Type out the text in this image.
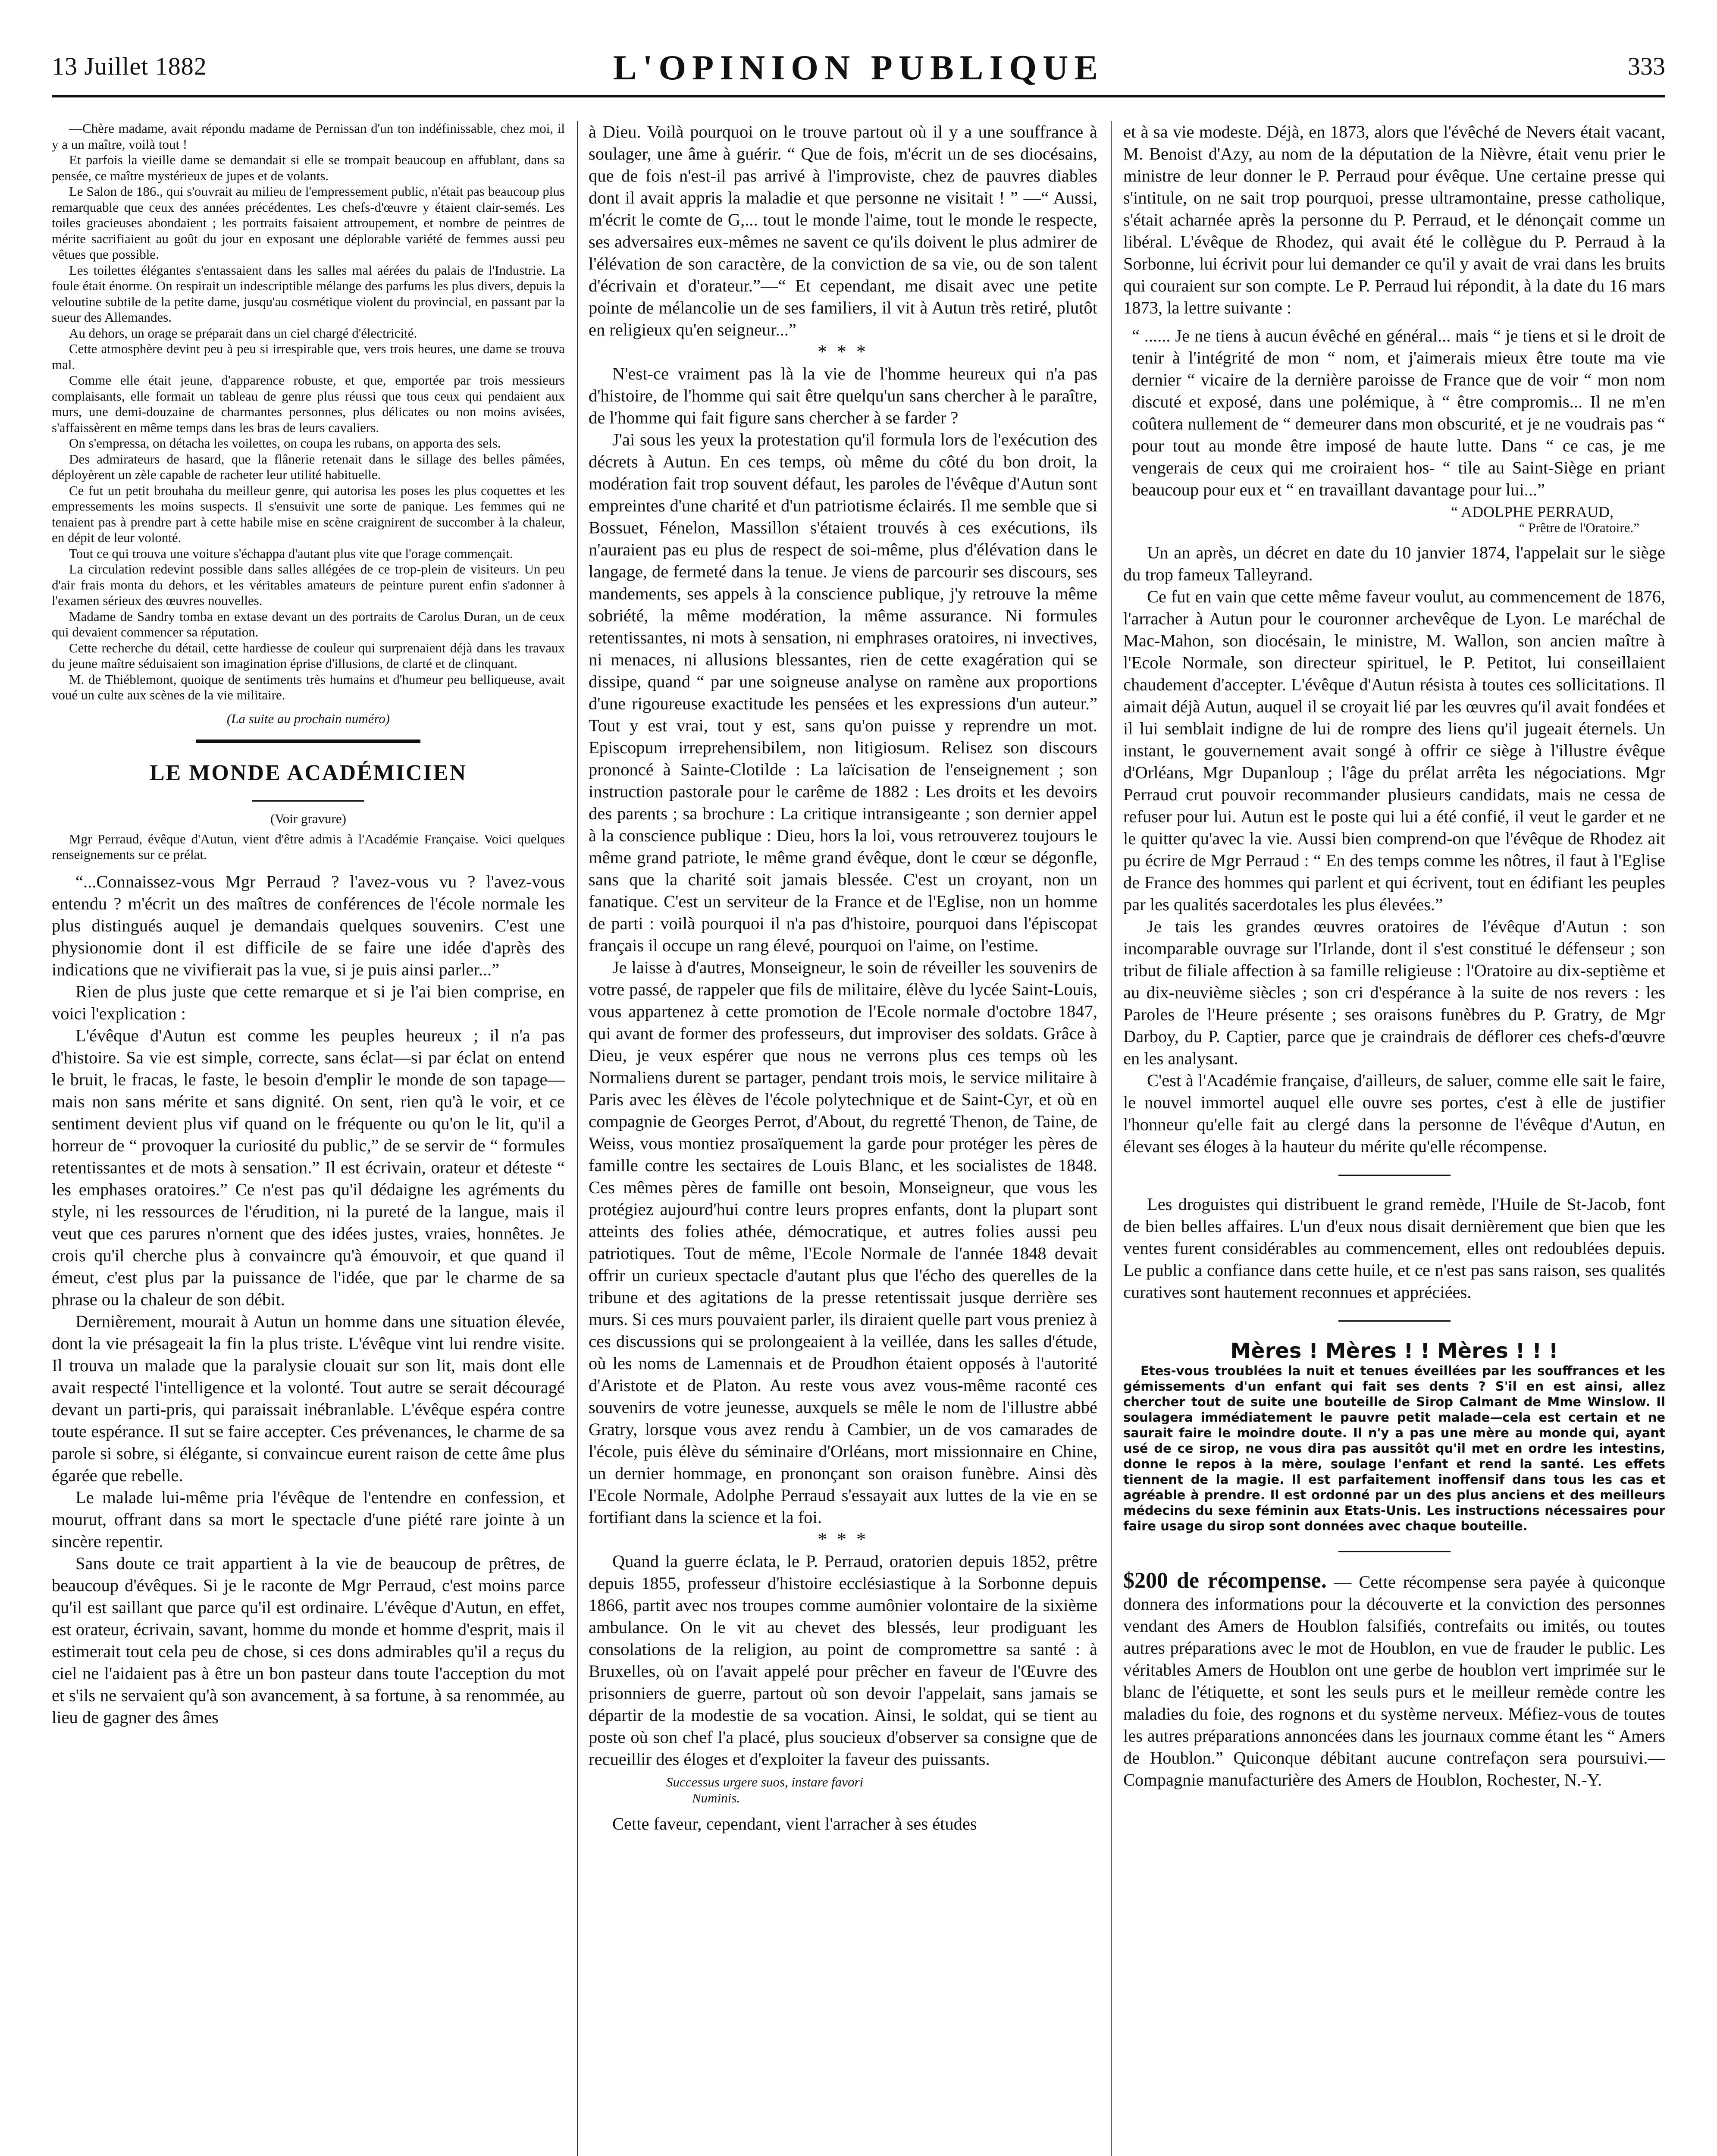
13 Juillet 1882	L'OPINION PUBLIQUE	333

—Chère madame, avait répondu madame de Pernissan d'un ton indéfinissable, chez moi, il y a un maître, voilà tout !

Et parfois la vieille dame se demandait si elle se trompait beaucoup en affublant, dans sa pensée, ce maître mystérieux de jupes et de volants.

Le Salon de 186., qui s'ouvrait au milieu de l'empressement public, n'était pas beaucoup plus remarquable que ceux des années précédentes. Les chefs-d'œuvre y étaient clair-semés. Les toiles gracieuses abondaient ; les portraits faisaient attroupement, et nombre de peintres de mérite sacrifiaient au goût du jour en exposant une déplorable variété de femmes aussi peu vêtues que possible.

Les toilettes élégantes s'entassaient dans les salles mal aérées du palais de l'Industrie. La foule était énorme. On respirait un indescriptible mélange des parfums les plus divers, depuis la veloutine subtile de la petite dame, jusqu'au cosmétique violent du provincial, en passant par la sueur des Allemandes.

Au dehors, un orage se préparait dans un ciel chargé d'électricité.

Cette atmosphère devint peu à peu si irrespirable que, vers trois heures, une dame se trouva mal.

Comme elle était jeune, d'apparence robuste, et que, emportée par trois messieurs complaisants, elle formait un tableau de genre plus réussi que tous ceux qui pendaient aux murs, une demi-douzaine de charmantes personnes, plus délicates ou non moins avisées, s'affaissèrent en même temps dans les bras de leurs cavaliers.

On s'empressa, on détacha les voilettes, on coupa les rubans, on apporta des sels.

Des admirateurs de hasard, que la flânerie retenait dans le sillage des belles pâmées, déployèrent un zèle capable de racheter leur utilité habituelle.

Ce fut un petit brouhaha du meilleur genre, qui autorisa les poses les plus coquettes et les empressements les moins suspects. Il s'ensuivit une sorte de panique. Les femmes qui ne tenaient pas à prendre part à cette habile mise en scène craignirent de succomber à la chaleur, en dépit de leur volonté.

Tout ce qui trouva une voiture s'échappa d'autant plus vite que l'orage commençait.

La circulation redevint possible dans salles allégées de ce trop-plein de visiteurs. Un peu d'air frais monta du dehors, et les véritables amateurs de peinture purent enfin s'adonner à l'examen sérieux des œuvres nouvelles.

Madame de Sandry tomba en extase devant un des portraits de Carolus Duran, un de ceux qui devaient commencer sa réputation.

Cette recherche du détail, cette hardiesse de couleur qui surprenaient déjà dans les travaux du jeune maître séduisaient son imagination éprise d'illusions, de clarté et de clinquant.

M. de Thiéblemont, quoique de sentiments très humains et d'humeur peu belliqueuse, avait voué un culte aux scènes de la vie militaire.

(La suite au prochain numéro)

LE MONDE ACADÉMICIEN

(Voir gravure)

Mgr Perraud, évêque d'Autun, vient d'être admis à l'Académie Française. Voici quelques renseignements sur ce prélat.

“...Connaissez-vous Mgr Perraud ? l'avez-vous vu ? l'avez-vous entendu ? m'écrit un des maîtres de conférences de l'école normale les plus distingués auquel je demandais quelques souvenirs. C'est une physionomie dont il est difficile de se faire une idée d'après des indications que ne vivifierait pas la vue, si je puis ainsi parler...”

Rien de plus juste que cette remarque et si je l'ai bien comprise, en voici l'explication :

L'évêque d'Autun est comme les peuples heureux ; il n'a pas d'histoire. Sa vie est simple, correcte, sans éclat—si par éclat on entend le bruit, le fracas, le faste, le besoin d'emplir le monde de son tapage—mais non sans mérite et sans dignité. On sent, rien qu'à le voir, et ce sentiment devient plus vif quand on le fréquente ou qu'on le lit, qu'il a horreur de “ provoquer la curiosité du public,” de se servir de “ formules retentissantes et de mots à sensation.” Il est écrivain, orateur et déteste “ les emphases oratoires.” Ce n'est pas qu'il dédaigne les agréments du style, ni les ressources de l'érudition, ni la pureté de la langue, mais il veut que ces parures n'ornent que des idées justes, vraies, honnêtes. Je crois qu'il cherche plus à convaincre qu'à émouvoir, et que quand il émeut, c'est plus par la puissance de l'idée, que par le charme de sa phrase ou la chaleur de son débit.

Dernièrement, mourait à Autun un homme dans une situation élevée, dont la vie présageait la fin la plus triste. L'évêque vint lui rendre visite. Il trouva un malade que la paralysie clouait sur son lit, mais dont elle avait respecté l'intelligence et la volonté. Tout autre se serait découragé devant un parti-pris, qui paraissait inébranlable. L'évêque espéra contre toute espérance. Il sut se faire accepter. Ces prévenances, le charme de sa parole si sobre, si élégante, si convaincue eurent raison de cette âme plus égarée que rebelle.

Le malade lui-même pria l'évêque de l'entendre en confession, et mourut, offrant dans sa mort le spectacle d'une piété rare jointe à un sincère repentir.

Sans doute ce trait appartient à la vie de beaucoup de prêtres, de beaucoup d'évêques. Si je le raconte de Mgr Perraud, c'est moins parce qu'il est saillant que parce qu'il est ordinaire. L'évêque d'Autun, en effet, est orateur, écrivain, savant, homme du monde et homme d'esprit, mais il estimerait tout cela peu de chose, si ces dons admirables qu'il a reçus du ciel ne l'aidaient pas à être un bon pasteur dans toute l'acception du mot et s'ils ne servaient qu'à son avancement, à sa fortune, à sa renommée, au lieu de gagner des âmes

à Dieu. Voilà pourquoi on le trouve partout où il y a une souffrance à soulager, une âme à guérir. “ Que de fois, m'écrit un de ses diocésains, que de fois n'est-il pas arrivé à l'improviste, chez de pauvres diables dont il avait appris la maladie et que personne ne visitait ! ” —“ Aussi, m'écrit le comte de G,... tout le monde l'aime, tout le monde le respecte, ses adversaires eux-mêmes ne savent ce qu'ils doivent le plus admirer de l'élévation de son caractère, de la conviction de sa vie, ou de son talent d'écrivain et d'orateur.”—“ Et cependant, me disait avec une petite pointe de mélancolie un de ses familiers, il vit à Autun très retiré, plutôt en religieux qu'en seigneur...”

* * *

N'est-ce vraiment pas là la vie de l'homme heureux qui n'a pas d'histoire, de l'homme qui sait être quelqu'un sans chercher à le paraître, de l'homme qui fait figure sans chercher à se farder ?

J'ai sous les yeux la protestation qu'il formula lors de l'exécution des décrets à Autun. En ces temps, où même du côté du bon droit, la modération fait trop souvent défaut, les paroles de l'évêque d'Autun sont empreintes d'une charité et d'un patriotisme éclairés. Il me semble que si Bossuet, Fénelon, Massillon s'étaient trouvés à ces exécutions, ils n'auraient pas eu plus de respect de soi-même, plus d'élévation dans le langage, de fermeté dans la tenue. Je viens de parcourir ses discours, ses mandements, ses appels à la conscience publique, j'y retrouve la même sobriété, la même modération, la même assurance. Ni formules retentissantes, ni mots à sensation, ni emphrases oratoires, ni invectives, ni menaces, ni allusions blessantes, rien de cette exagération qui se dissipe, quand “ par une soigneuse analyse on ramène aux proportions d'une rigoureuse exactitude les pensées et les expressions d'un auteur.” Tout y est vrai, tout y est, sans qu'on puisse y reprendre un mot. Episcopum irreprehensibilem, non litigiosum. Relisez son discours prononcé à Sainte-Clotilde : La laïcisation de l'enseignement ; son instruction pastorale pour le carême de 1882 : Les droits et les devoirs des parents ; sa brochure : La critique intransigeante ; son dernier appel à la conscience publique : Dieu, hors la loi, vous retrouverez toujours le même grand patriote, le même grand évêque, dont le cœur se dégonfle, sans que la charité soit jamais blessée. C'est un croyant, non un fanatique. C'est un serviteur de la France et de l'Eglise, non un homme de parti : voilà pourquoi il n'a pas d'histoire, pourquoi dans l'épiscopat français il occupe un rang élevé, pourquoi on l'aime, on l'estime.

Je laisse à d'autres, Monseigneur, le soin de réveiller les souvenirs de votre passé, de rappeler que fils de militaire, élève du lycée Saint-Louis, vous appartenez à cette promotion de l'Ecole normale d'octobre 1847, qui avant de former des professeurs, dut improviser des soldats. Grâce à Dieu, je veux espérer que nous ne verrons plus ces temps où les Normaliens durent se partager, pendant trois mois, le service militaire à Paris avec les élèves de l'école polytechnique et de Saint-Cyr, et où en compagnie de Georges Perrot, d'About, du regretté Thenon, de Taine, de Weiss, vous montiez prosaïquement la garde pour protéger les pères de famille contre les sectaires de Louis Blanc, et les socialistes de 1848. Ces mêmes pères de famille ont besoin, Monseigneur, que vous les protégiez aujourd'hui contre leurs propres enfants, dont la plupart sont atteints des folies athée, démocratique, et autres folies aussi peu patriotiques. Tout de même, l'Ecole Normale de l'année 1848 devait offrir un curieux spectacle d'autant plus que l'écho des querelles de la tribune et des agitations de la presse retentissait jusque derrière ses murs. Si ces murs pouvaient parler, ils diraient quelle part vous preniez à ces discussions qui se prolongeaient à la veillée, dans les salles d'étude, où les noms de Lamennais et de Proudhon étaient opposés à l'autorité d'Aristote et de Platon. Au reste vous avez vous-même raconté ces souvenirs de votre jeunesse, auxquels se mêle le nom de l'illustre abbé Gratry, lorsque vous avez rendu à Cambier, un de vos camarades de l'école, puis élève du séminaire d'Orléans, mort missionnaire en Chine, un dernier hommage, en prononçant son oraison funèbre. Ainsi dès l'Ecole Normale, Adolphe Perraud s'essayait aux luttes de la vie en se fortifiant dans la science et la foi.

* * *

Quand la guerre éclata, le P. Perraud, oratorien depuis 1852, prêtre depuis 1855, professeur d'histoire ecclésiastique à la Sorbonne depuis 1866, partit avec nos troupes comme aumônier volontaire de la sixième ambulance. On le vit au chevet des blessés, leur prodiguant les consolations de la religion, au point de compromettre sa santé : à Bruxelles, où on l'avait appelé pour prêcher en faveur de l'Œuvre des prisonniers de guerre, partout où son devoir l'appelait, sans jamais se départir de la modestie de sa vocation. Ainsi, le soldat, qui se tient au poste où son chef l'a placé, plus soucieux d'observer sa consigne que de recueillir des éloges et d'exploiter la faveur des puissants.

Successus urgere suos, instare favori

Numinis.

Cette faveur, cependant, vient l'arracher à ses études

et à sa vie modeste. Déjà, en 1873, alors que l'évêché de Nevers était vacant, M. Benoist d'Azy, au nom de la députation de la Nièvre, était venu prier le ministre de leur donner le P. Perraud pour évêque. Une certaine presse qui s'intitule, on ne sait trop pourquoi, presse ultramontaine, presse catholique, s'était acharnée après la personne du P. Perraud, et le dénonçait comme un libéral. L'évêque de Rhodez, qui avait été le collègue du P. Perraud à la Sorbonne, lui écrivit pour lui demander ce qu'il y avait de vrai dans les bruits qui couraient sur son compte. Le P. Perraud lui répondit, à la date du 16 mars 1873, la lettre suivante :

“ ...... Je ne tiens à aucun évêché en général... mais “ je tiens et si le droit de tenir à l'intégrité de mon “ nom, et j'aimerais mieux être toute ma vie dernier “ vicaire de la dernière paroisse de France que de voir “ mon nom discuté et exposé, dans une polémique, à “ être compromis... Il ne m'en coûtera nullement de “ demeurer dans mon obscurité, et je ne voudrais pas “ pour tout au monde être imposé de haute lutte. Dans “ ce cas, je me vengerais de ceux qui me croiraient hos- “ tile au Saint-Siège en priant beaucoup pour eux et “ en travaillant davantage pour lui...”

“ ADOLPHE PERRAUD,

“ Prêtre de l'Oratoire.”

Un an après, un décret en date du 10 janvier 1874, l'appelait sur le siège du trop fameux Talleyrand.

Ce fut en vain que cette même faveur voulut, au commencement de 1876, l'arracher à Autun pour le couronner archevêque de Lyon. Le maréchal de Mac-Mahon, son diocésain, le ministre, M. Wallon, son ancien maître à l'Ecole Normale, son directeur spirituel, le P. Petitot, lui conseillaient chaudement d'accepter. L'évêque d'Autun résista à toutes ces sollicitations. Il aimait déjà Autun, auquel il se croyait lié par les œuvres qu'il avait fondées et il lui semblait indigne de lui de rompre des liens qu'il jugeait éternels. Un instant, le gouvernement avait songé à offrir ce siège à l'illustre évêque d'Orléans, Mgr Dupanloup ; l'âge du prélat arrêta les négociations. Mgr Perraud crut pouvoir recommander plusieurs candidats, mais ne cessa de refuser pour lui. Autun est le poste qui lui a été confié, il veut le garder et ne le quitter qu'avec la vie. Aussi bien comprend-on que l'évêque de Rhodez ait pu écrire de Mgr Perraud : “ En des temps comme les nôtres, il faut à l'Eglise de France des hommes qui parlent et qui écrivent, tout en édifiant les peuples par les qualités sacerdotales les plus élevées.”

Je tais les grandes œuvres oratoires de l'évêque d'Autun : son incomparable ouvrage sur l'Irlande, dont il s'est constitué le défenseur ; son tribut de filiale affection à sa famille religieuse : l'Oratoire au dix-septième et au dix-neuvième siècles ; son cri d'espérance à la suite de nos revers : les Paroles de l'Heure présente ; ses oraisons funèbres du P. Gratry, de Mgr Darboy, du P. Captier, parce que je craindrais de déflorer ces chefs-d'œuvre en les analysant.

C'est à l'Académie française, d'ailleurs, de saluer, comme elle sait le faire, le nouvel immortel auquel elle ouvre ses portes, c'est à elle de justifier l'honneur qu'elle fait au clergé dans la personne de l'évêque d'Autun, en élevant ses éloges à la hauteur du mérite qu'elle récompense.

Les droguistes qui distribuent le grand remède, l'Huile de St-Jacob, font de bien belles affaires. L'un d'eux nous disait dernièrement que bien que les ventes furent considérables au commencement, elles ont redoublées depuis. Le public a confiance dans cette huile, et ce n'est pas sans raison, ses qualités curatives sont hautement reconnues et appréciées.

Mères ! Mères ! ! Mères ! ! !

Etes-vous troublées la nuit et tenues éveillées par les souffrances et les gémissements d'un enfant qui fait ses dents ? S'il en est ainsi, allez chercher tout de suite une bouteille de Sirop Calmant de Mme Winslow. Il soulagera immédiatement le pauvre petit malade—cela est certain et ne saurait faire le moindre doute. Il n'y a pas une mère au monde qui, ayant usé de ce sirop, ne vous dira pas aussitôt qu'il met en ordre les intestins, donne le repos à la mère, soulage l'enfant et rend la santé. Les effets tiennent de la magie. Il est parfaitement inoffensif dans tous les cas et agréable à prendre. Il est ordonné par un des plus anciens et des meilleurs médecins du sexe féminin aux Etats-Unis. Les instructions nécessaires pour faire usage du sirop sont données avec chaque bouteille.

$200 de récompense. — Cette récompense sera payée à quiconque donnera des informations pour la découverte et la conviction des personnes vendant des Amers de Houblon falsifiés, contrefaits ou imités, ou toutes autres préparations avec le mot de Houblon, en vue de frauder le public. Les véritables Amers de Houblon ont une gerbe de houblon vert imprimée sur le blanc de l'étiquette, et sont les seuls purs et le meilleur remède contre les maladies du foie, des rognons et du système nerveux. Méfiez-vous de toutes les autres préparations annoncées dans les journaux comme étant les “ Amers de Houblon.” Quiconque débitant aucune contrefaçon sera poursuivi.—Compagnie manufacturière des Amers de Houblon, Rochester, N.-Y.
